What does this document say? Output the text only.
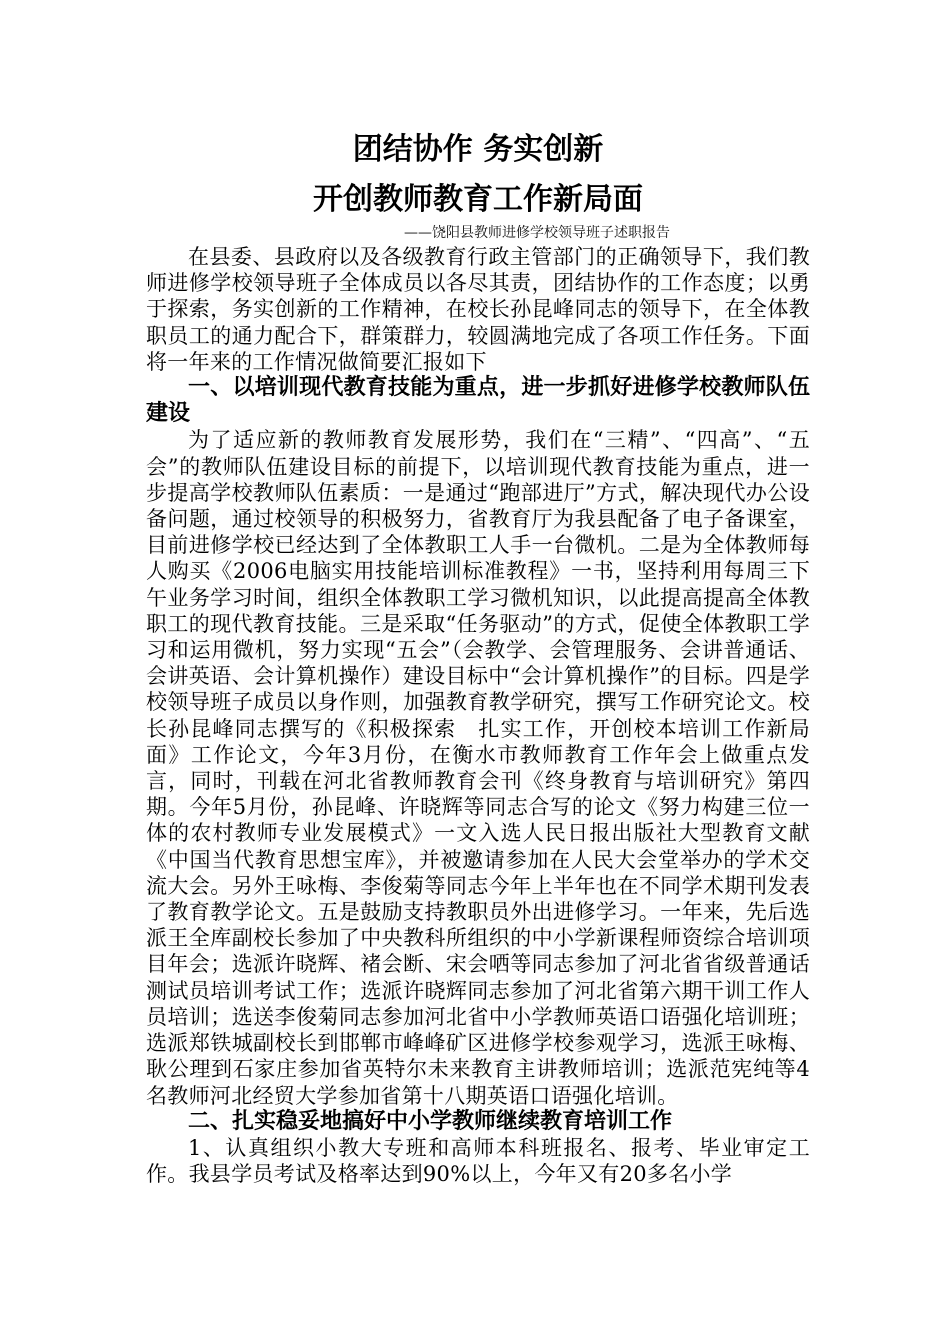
团结协作 务实创新
开创教师教育工作新局面

——饶阳县教师进修学校领导班子述职报告

在县委、县政府以及各级教育行政主管部门的正确领导下，我们教师进修学校领导班子全体成员以各尽其责，团结协作的工作态度；以勇于探索，务实创新的工作精神，在校长孙昆峰同志的领导下，在全体教职员工的通力配合下，群策群力，较圆满地完成了各项工作任务。下面将一年来的工作情况做简要汇报如下

一、以培训现代教育技能为重点，进一步抓好进修学校教师队伍建设

为了适应新的教师教育发展形势，我们在“三精”、“四高”、“五会”的教师队伍建设目标的前提下，以培训现代教育技能为重点，进一步提高学校教师队伍素质：一是通过“跑部进厅”方式，解决现代办公设备问题，通过校领导的积极努力，省教育厅为我县配备了电子备课室，目前进修学校已经达到了全体教职工人手一台微机。二是为全体教师每人购买《2006电脑实用技能培训标准教程》一书，坚持利用每周三下午业务学习时间，组织全体教职工学习微机知识，以此提高提高全体教职工的现代教育技能。三是采取“任务驱动”的方式，促使全体教职工学习和运用微机，努力实现“五会”（会教学、会管理服务、会讲普通话、会讲英语、会计算机操作）建设目标中“会计算机操作”的目标。四是学校领导班子成员以身作则，加强教育教学研究，撰写工作研究论文。校长孙昆峰同志撰写的《积极探索　扎实工作，开创校本培训工作新局面》工作论文，今年3月份，在衡水市教师教育工作年会上做重点发言，同时，刊载在河北省教师教育会刊《终身教育与培训研究》第四期。今年5月份，孙昆峰、许晓辉等同志合写的论文《努力构建三位一体的农村教师专业发展模式》一文入选人民日报出版社大型教育文献《中国当代教育思想宝库》，并被邀请参加在人民大会堂举办的学术交流大会。另外王咏梅、李俊菊等同志今年上半年也在不同学术期刊发表了教育教学论文。五是鼓励支持教职员外出进修学习。一年来，先后选派王全库副校长参加了中央教科所组织的中小学新课程师资综合培训项目年会；选派许晓辉、褚会断、宋会哂等同志参加了河北省省级普通话测试员培训考试工作；选派许晓辉同志参加了河北省第六期干训工作人员培训；选送李俊菊同志参加河北省中小学教师英语口语强化培训班；选派郑铁城副校长到邯郸市峰峰矿区进修学校参观学习，选派王咏梅、耿公理到石家庄参加省英特尔未来教育主讲教师培训；选派范宪纯等4名教师河北经贸大学参加省第十八期英语口语强化培训。

二、扎实稳妥地搞好中小学教师继续教育培训工作

1、认真组织小教大专班和高师本科班报名、报考、毕业审定工作。我县学员考试及格率达到90%以上，今年又有20多名小学
